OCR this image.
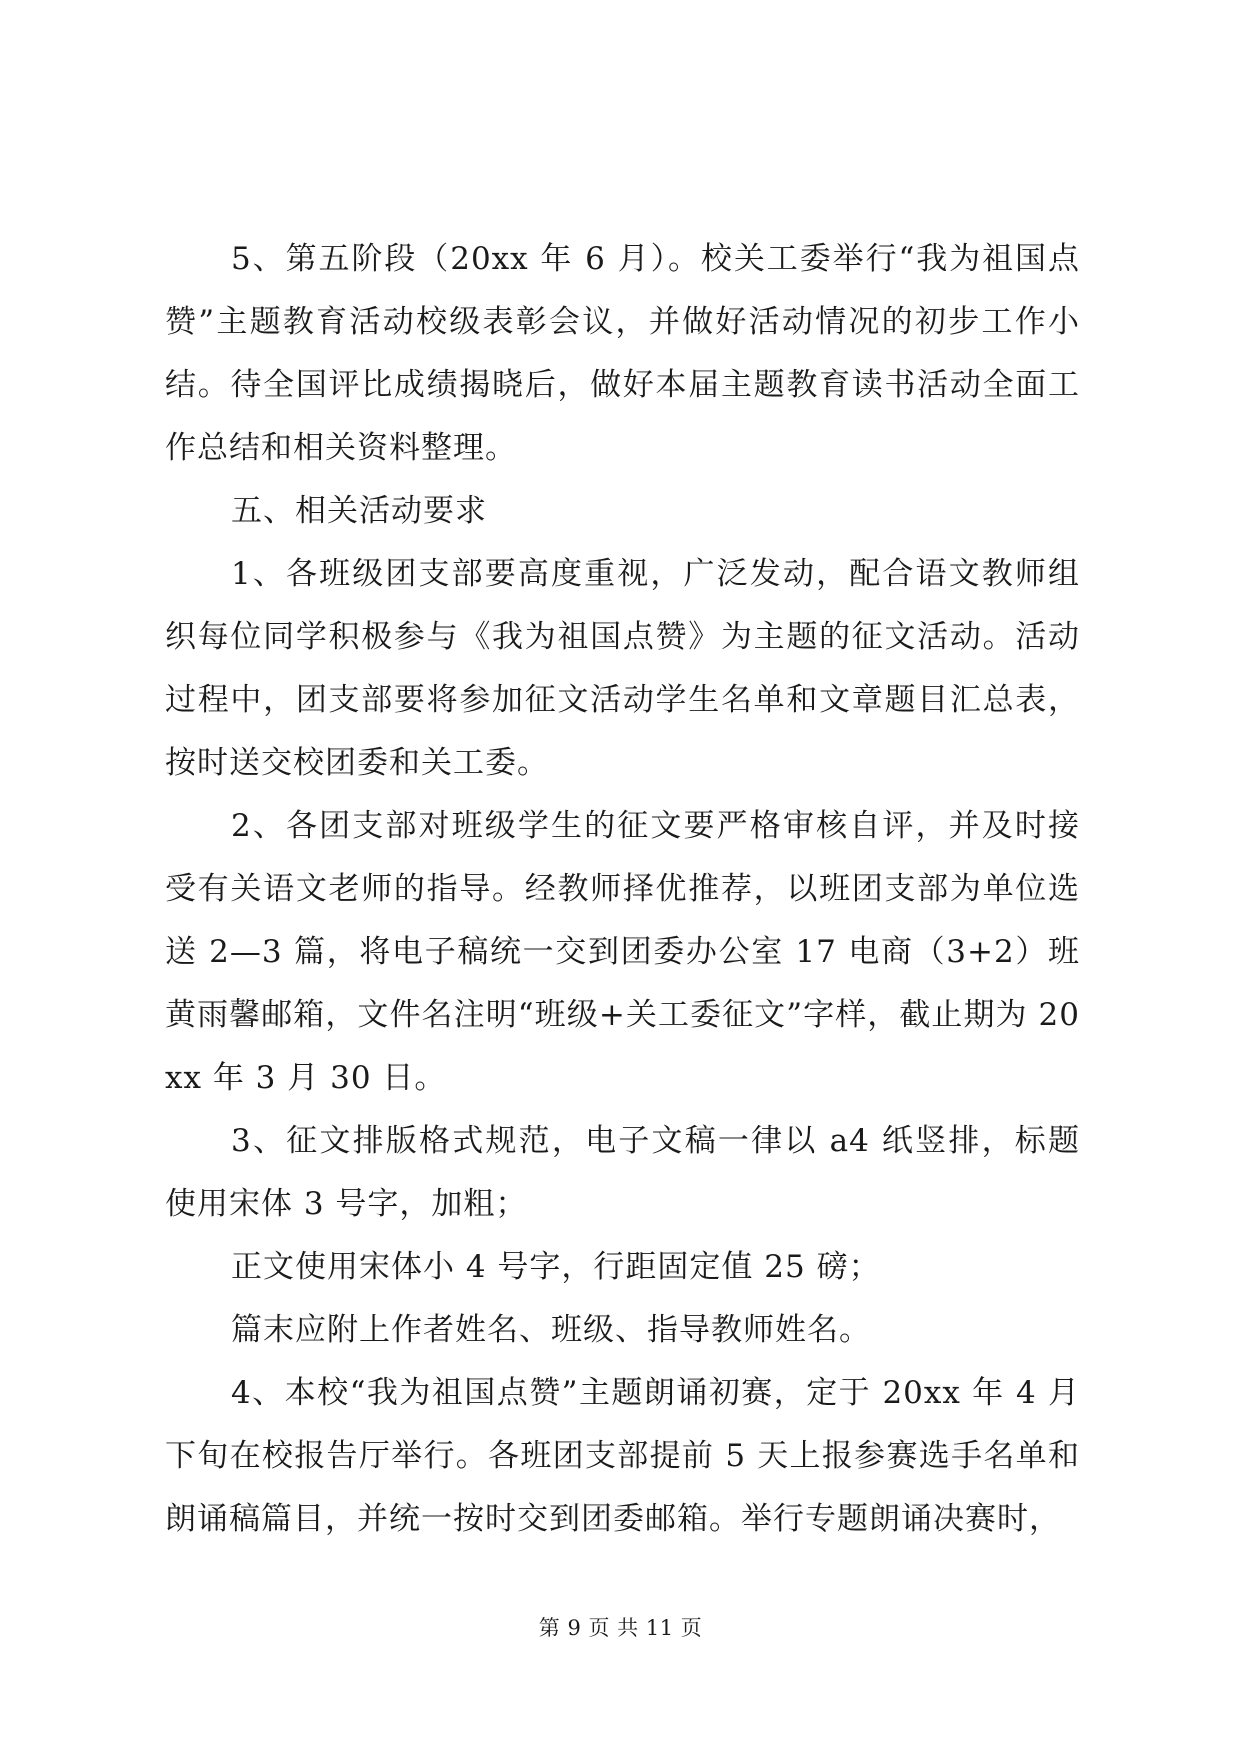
5、第五阶段（20xx 年 6 月）。校关工委举行“我为祖国点赞”主题教育活动校级表彰会议，并做好活动情况的初步工作小结。待全国评比成绩揭晓后，做好本届主题教育读书活动全面工作总结和相关资料整理。

五、相关活动要求

1、各班级团支部要高度重视，广泛发动，配合语文教师组织每位同学积极参与《我为祖国点赞》为主题的征文活动。活动过程中，团支部要将参加征文活动学生名单和文章题目汇总表，按时送交校团委和关工委。

2、各团支部对班级学生的征文要严格审核自评，并及时接受有关语文老师的指导。经教师择优推荐，以班团支部为单位选送 2—3 篇，将电子稿统一交到团委办公室 17 电商（3+2）班黄雨馨邮箱，文件名注明“班级+关工委征文”字样，截止期为 20xx 年 3 月 30 日。

3、征文排版格式规范，电子文稿一律以 a4 纸竖排，标题使用宋体 3 号字，加粗；

正文使用宋体小 4 号字，行距固定值 25 磅；

篇末应附上作者姓名、班级、指导教师姓名。

4、本校“我为祖国点赞”主题朗诵初赛，定于 20xx 年 4 月下旬在校报告厅举行。各班团支部提前 5 天上报参赛选手名单和朗诵稿篇目，并统一按时交到团委邮箱。举行专题朗诵决赛时，

第 9 页 共 11 页
